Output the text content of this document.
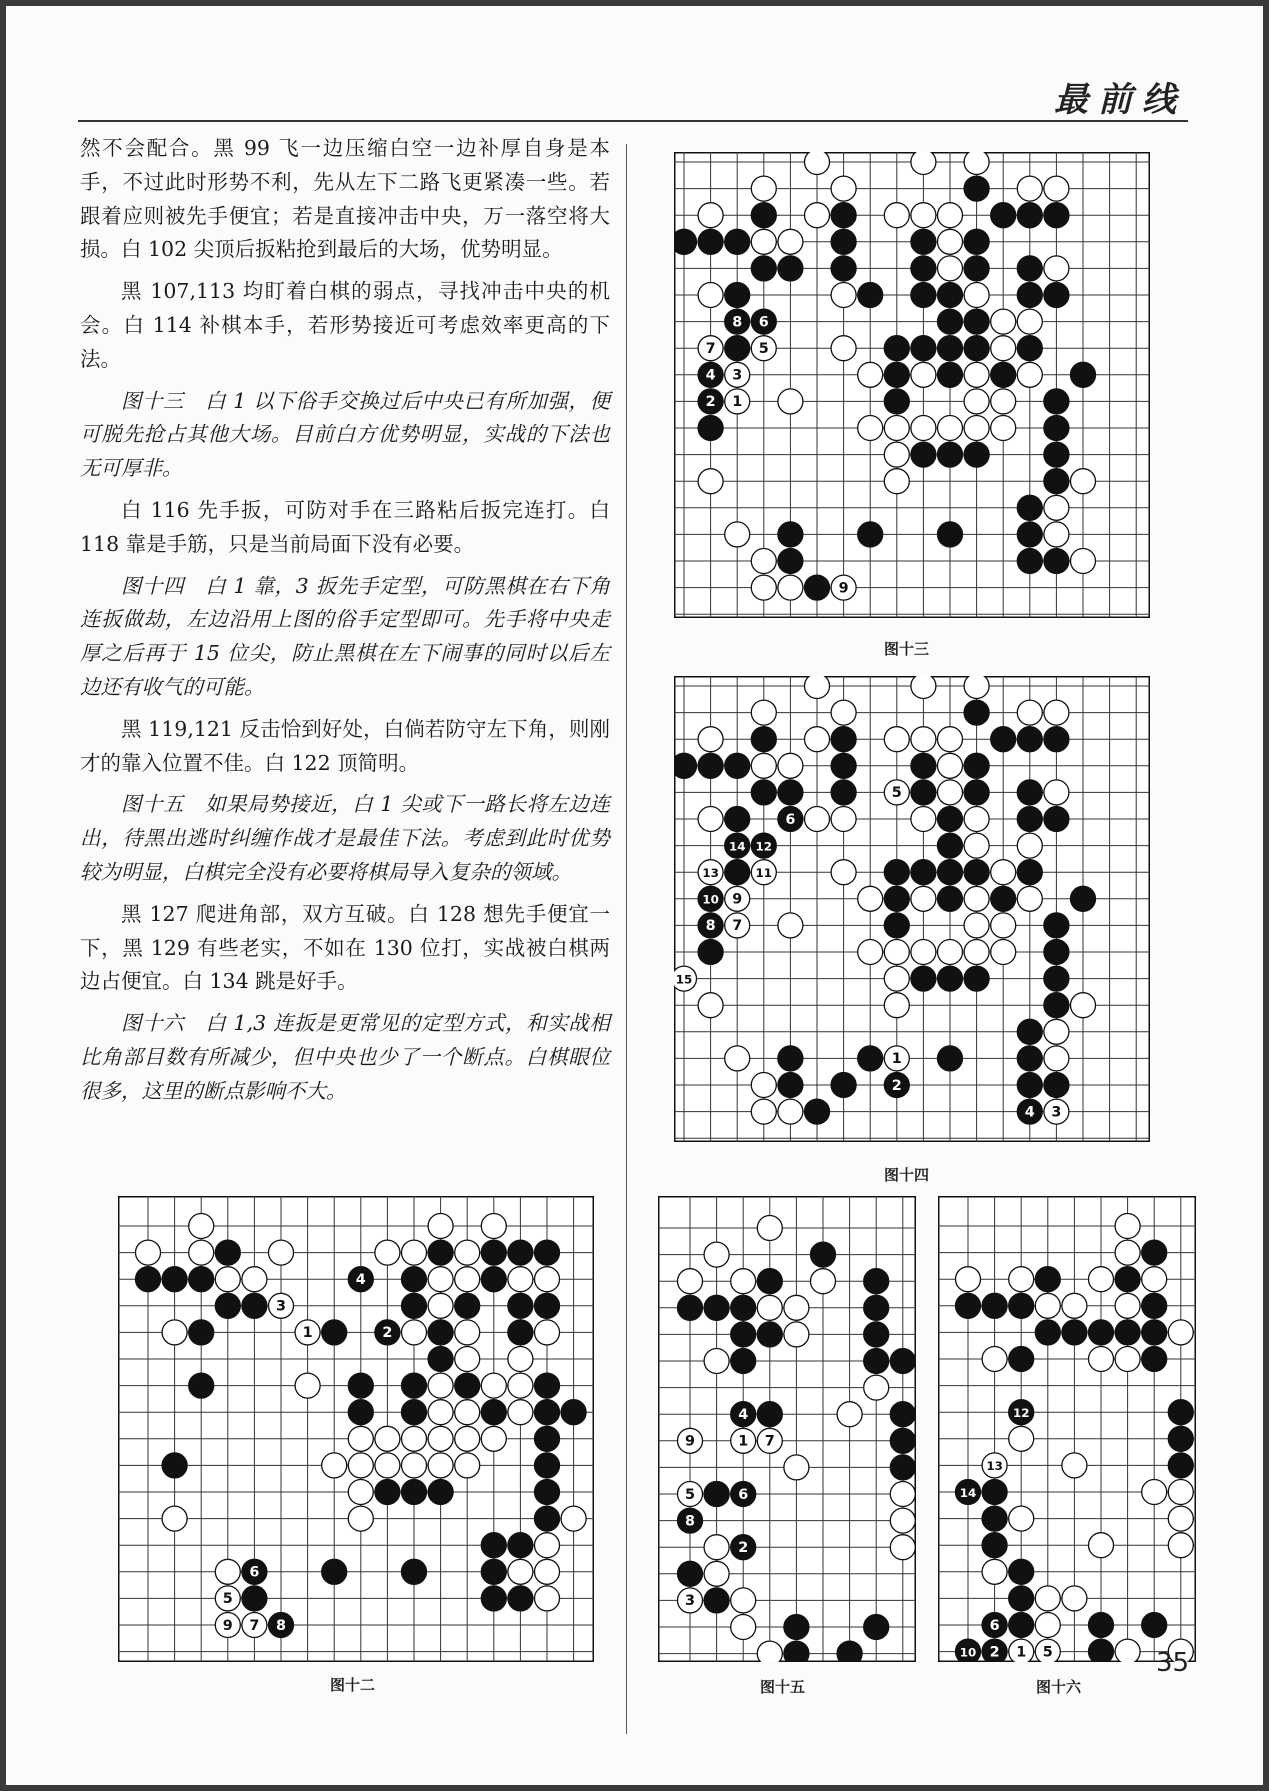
最前线

然不会配合。黑 99 飞一边压缩白空一边补厚自身是本手，不过此时形势不利，先从左下二路飞更紧凑一些。若跟着应则被先手便宜；若是直接冲击中央，万一落空将大损。白 102 尖顶后扳粘抢到最后的大场，优势明显。

黑 107,113 均盯着白棋的弱点，寻找冲击中央的机会。白 114 补棋本手，若形势接近可考虑效率更高的下法。

图十三　白 1 以下俗手交换过后中央已有所加强，便可脱先抢占其他大场。目前白方优势明显，实战的下法也无可厚非。

白 116 先手扳，可防对手在三路粘后扳完连打。白 118 靠是手筋，只是当前局面下没有必要。

图十四　白 1 靠，3 扳先手定型，可防黑棋在右下角连扳做劫，左边沿用上图的俗手定型即可。先手将中央走厚之后再于 15 位尖，防止黑棋在左下闹事的同时以后左边还有收气的可能。

黑 119,121 反击恰到好处，白倘若防守左下角，则刚才的靠入位置不佳。白 122 顶简明。

图十五　如果局势接近，白 1 尖或下一路长将左边连出，待黑出逃时纠缠作战才是最佳下法。考虑到此时优势较为明显，白棋完全没有必要将棋局导入复杂的领域。

黑 127 爬进角部，双方互破。白 128 想先手便宜一下，黑 129 有些老实，不如在 130 位打，实战被白棋两边占便宜。白 134 跳是好手。

图十六　白 1,3 连扳是更常见的定型方式，和实战相比角部目数有所减少，但中央也少了一个断点。白棋眼位很多，这里的断点影响不大。

8 6
7	5
4 3
2 1
9
图十三
5
6
14 12
13	11
10 9
8 7
15
1
2
4 3
图十四
4
3
1	2
6
5
9 7 8
图十二
4
9	1 7
5	6
8
2
3
图十五
12
13
14
6
10 2 1 5
图十六
35
